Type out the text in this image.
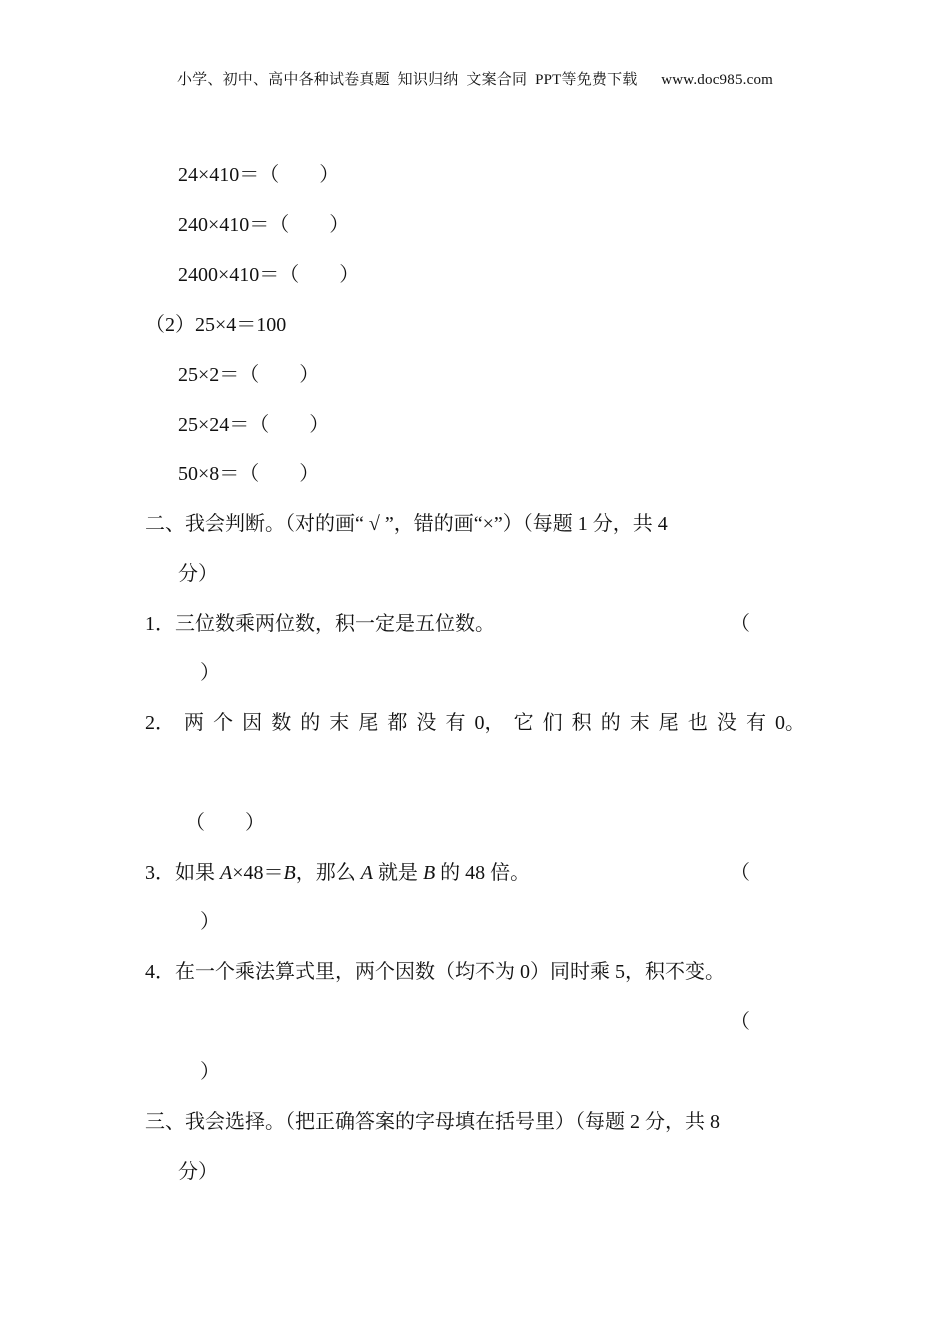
小学、初中、高中各种试卷真题  知识归纳  文案合同  PPT等免费下载      www.doc985.com
24×410＝（　　）
240×410＝（　　）
2400×410＝（　　）
（2）25×4＝100
25×2＝（　　）
25×24＝（　　）
50×8＝（　　）
二、我会判断。（对的画“ √ ”，错的画“×”）（每题 1 分，共 4
分）
1．三位数乘两位数，积一定是五位数。	（
）
2． 两 个 因 数 的 末 尾 都 没 有 0， 它 们 积 的 末 尾 也 没 有 0。
（　　）
3．如果 A×48＝B，那么 A 就是 B 的 48 倍。	（
）
4．在一个乘法算式里，两个因数（均不为 0）同时乘 5，积不变。
（
）
三、我会选择。（把正确答案的字母填在括号里）（每题 2 分，共 8
分）
